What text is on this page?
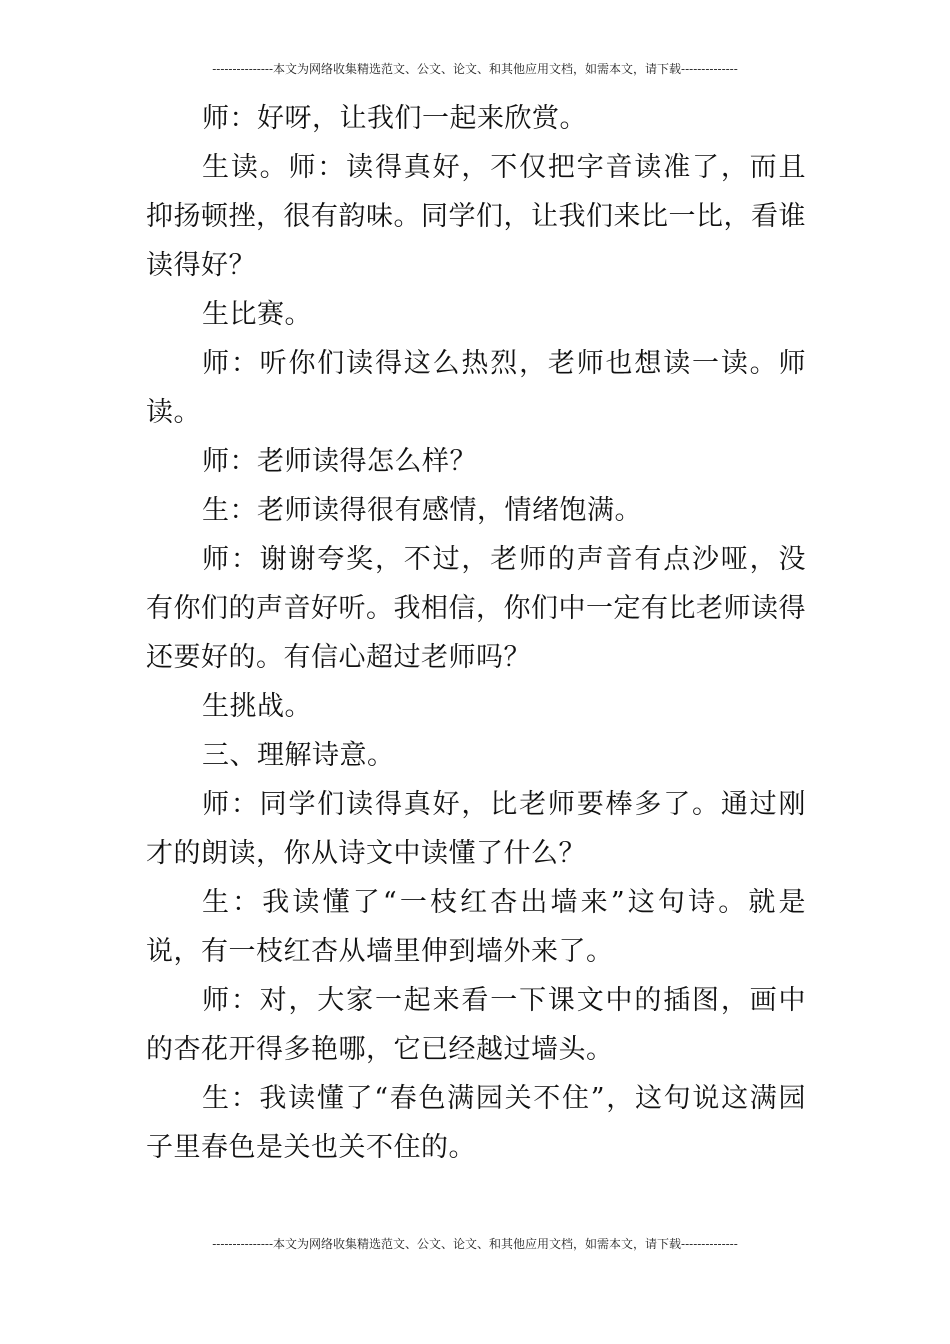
---------------本文为网络收集精选范文、公文、论文、和其他应用文档，如需本文，请下载--------------

师：好呀，让我们一起来欣赏。

生读。师：读得真好，不仅把字音读准了，而且抑扬顿挫，很有韵味。同学们，让我们来比一比，看谁读得好？

生比赛。

师：听你们读得这么热烈，老师也想读一读。师读。

师：老师读得怎么样？

生：老师读得很有感情，情绪饱满。

师：谢谢夸奖，不过，老师的声音有点沙哑，没有你们的声音好听。我相信，你们中一定有比老师读得还要好的。有信心超过老师吗？

生挑战。

三、理解诗意。

师：同学们读得真好，比老师要棒多了。通过刚才的朗读，你从诗文中读懂了什么？

生：我读懂了“一枝红杏出墙来”这句诗。就是说，有一枝红杏从墙里伸到墙外来了。

师：对，大家一起来看一下课文中的插图，画中的杏花开得多艳哪，它已经越过墙头。

生：我读懂了“春色满园关不住”，这句说这满园子里春色是关也关不住的。

---------------本文为网络收集精选范文、公文、论文、和其他应用文档，如需本文，请下载--------------
